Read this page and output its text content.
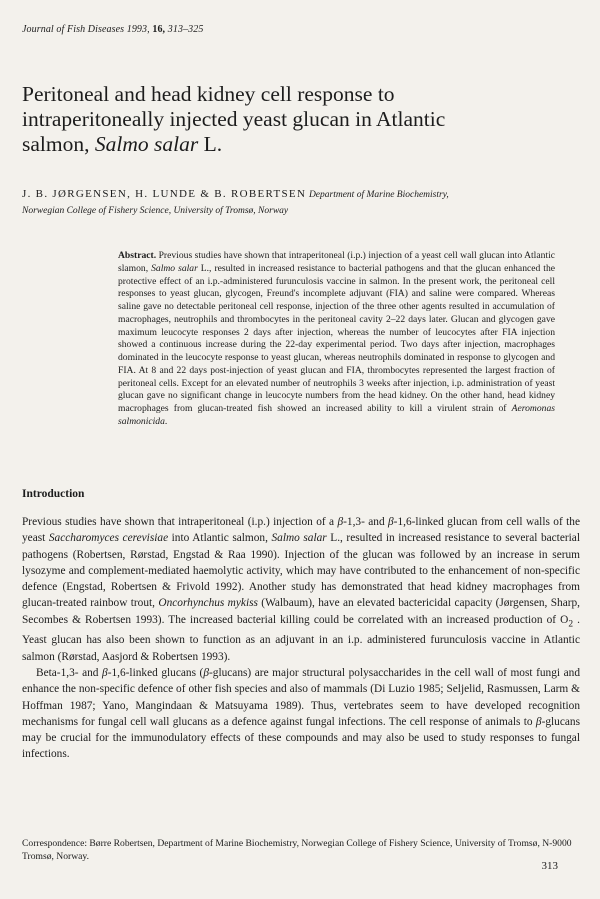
Journal of Fish Diseases 1993, 16, 313–325
Peritoneal and head kidney cell response to
intraperitoneally injected yeast glucan in Atlantic
salmon, Salmo salar L.
J. B. JØRGENSEN, H. LUNDE & B. ROBERTSEN Department of Marine Biochemistry,
Norwegian College of Fishery Science, University of Tromsø, Norway
Abstract. Previous studies have shown that intraperitoneal (i.p.) injection of a yeast cell wall glucan into Atlantic slamon, Salmo salar L., resulted in increased resistance to bacterial pathogens and that the glucan enhanced the protective effect of an i.p.-administered furunculosis vaccine in salmon. In the present work, the peritoneal cell responses to yeast glucan, glycogen, Freund's incomplete adjuvant (FIA) and saline were compared. Whereas saline gave no detectable peritoneal cell response, injection of the three other agents resulted in accumulation of macrophages, neutrophils and thrombocytes in the peritoneal cavity 2–22 days later. Glucan and glycogen gave maximum leucocyte responses 2 days after injection, whereas the number of leucocytes after FIA injection showed a continuous increase during the 22-day experimental period. Two days after injection, macrophages dominated in the leucocyte response to yeast glucan, whereas neutrophils dominated in response to glycogen and FIA. At 8 and 22 days post-injection of yeast glucan and FIA, thrombocytes represented the largest fraction of peritoneal cells. Except for an elevated number of neutrophils 3 weeks after injection, i.p. administration of yeast glucan gave no significant change in leucocyte numbers from the head kidney. On the other hand, head kidney macrophages from glucan-treated fish showed an increased ability to kill a virulent strain of Aeromonas salmonicida.
Introduction

Previous studies have shown that intraperitoneal (i.p.) injection of a β-1,3- and β-1,6-linked glucan from cell walls of the yeast Saccharomyces cerevisiae into Atlantic salmon, Salmo salar L., resulted in increased resistance to several bacterial pathogens (Robertsen, Rørstad, Engstad & Raa 1990). Injection of the glucan was followed by an increase in serum lysozyme and complement-mediated haemolytic activity, which may have contributed to the enhancement of non-specific defence (Engstad, Robertsen & Frivold 1992). Another study has demonstrated that head kidney macrophages from glucan-treated rainbow trout, Oncorhynchus mykiss (Walbaum), have an elevated bactericidal capacity (Jørgensen, Sharp, Secombes & Robertsen 1993). The increased bacterial killing could be correlated with an increased production of $O_2$ . Yeast glucan has also been shown to function as an adjuvant in an i.p. administered furunculosis vaccine in Atlantic salmon (Rørstad, Aasjord & Robertsen 1993).

Beta-1,3- and β-1,6-linked glucans (β-glucans) are major structural polysaccharides in the cell wall of most fungi and enhance the non-specific defence of other fish species and also of mammals (Di Luzio 1985; Seljelid, Rasmussen, Larm & Hoffman 1987; Yano, Mangindaan & Matsuyama 1989). Thus, vertebrates seem to have developed recognition mechanisms for fungal cell wall glucans as a defence against fungal infections. The cell response of animals to β-glucans may be crucial for the immunodulatory effects of these compounds and may also be used to study responses to fungal infections.

Correspondence: Børre Robertsen, Department of Marine Biochemistry, Norwegian College of Fishery Science, University of Tromsø, N-9000 Tromsø, Norway.
313
